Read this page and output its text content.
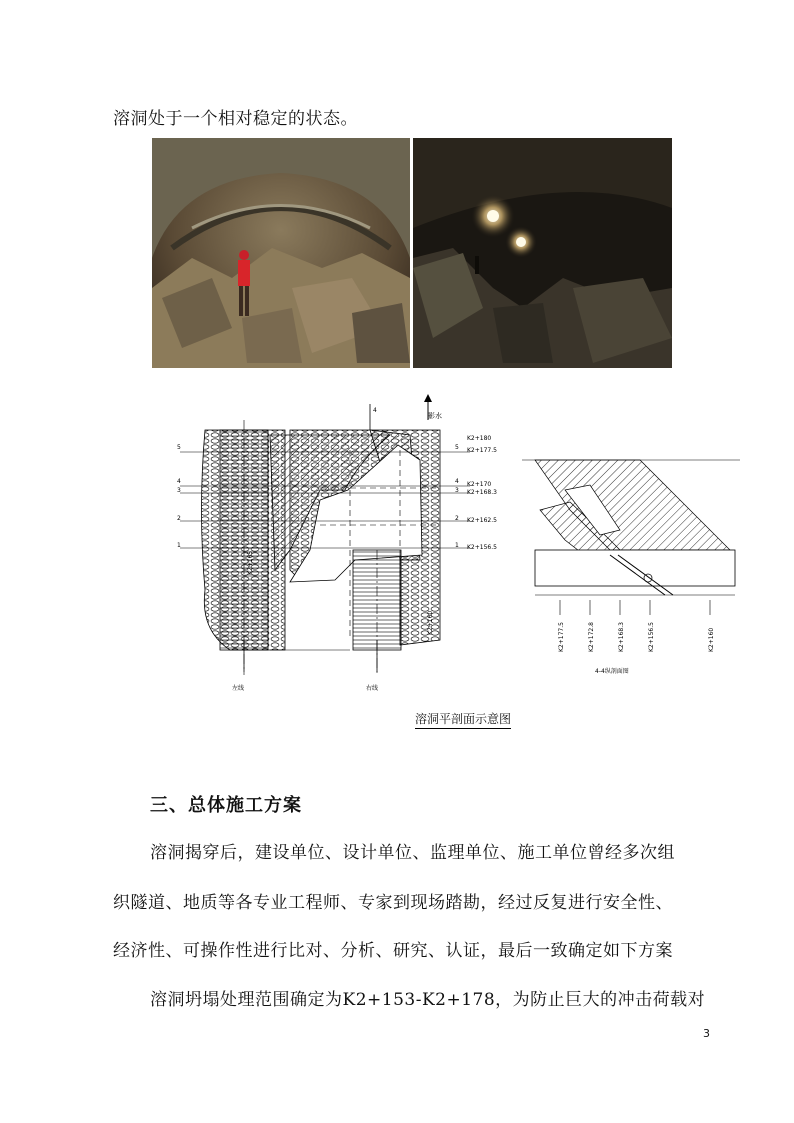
溶洞处于一个相对稳定的状态。
影水
4
5
4
3
2
1
5
4
3
2
1
K2+180
K2+177.5
K2+170
K2+168.3
K2+162.5
K2+156.5
K2+165
K2+160
左线	右线
K2+177.5	K2+172.8	K2+168.3	K2+156.5	K2+160
4-4纵剖面图
溶洞平剖面示意图
三、总体施工方案
溶洞揭穿后，建设单位、设计单位、监理单位、施工单位曾经多次组
织隧道、地质等各专业工程师、专家到现场踏勘，经过反复进行安全性、
经济性、可操作性进行比对、分析、研究、认证，最后一致确定如下方案
溶洞坍塌处理范围确定为K2+153-K2+178，为防止巨大的冲击荷载对
3
